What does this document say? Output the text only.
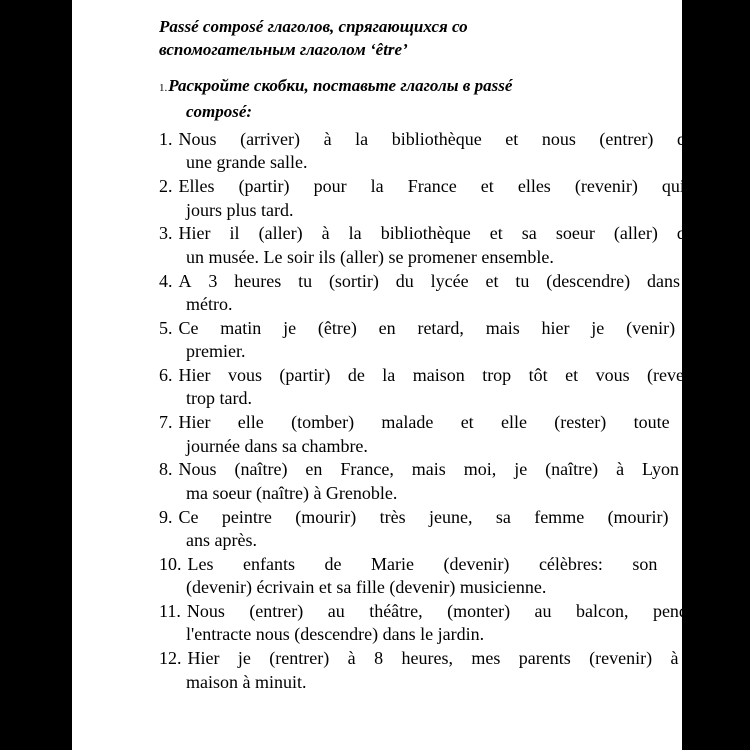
Passé composé глаголов, спрягающихся со
вспомогательным глаголом ‘être’
1.Раскройте скобки, поставьте глаголы в passé
composé:
1. Nous (arriver) à la bibliothèque et nous (entrer) dans
une grande salle.
2. Elles (partir) pour la France et elles (revenir) quinze
jours plus tard.
3. Hier il (aller) à la bibliothèque et sa soeur (aller) dans
un musée. Le soir ils (aller) se promener ensemble.
4. A 3 heures tu (sortir) du lycée et tu (descendre) dans le
métro.
5. Ce matin je (être) en retard, mais hier je (venir) le
premier.
6. Hier vous (partir) de la maison trop tôt et vous (revenir)
trop tard.
7. Hier elle (tomber) malade et elle (rester) toute la
journée dans sa chambre.
8. Nous (naître) en France, mais moi, je (naître) à Lyon et
ma soeur (naître) à Grenoble.
9. Ce peintre (mourir) très jeune, sa femme (mourir) 30
ans après.
10. Les enfants de Marie (devenir) célèbres: son fils
(devenir) écrivain et sa fille (devenir) musicienne.
11. Nous (entrer) au théâtre, (monter) au balcon, pendant
l'entracte nous (descendre) dans le jardin.
12. Hier je (rentrer) à 8 heures, mes parents (revenir) à la
maison à minuit.
